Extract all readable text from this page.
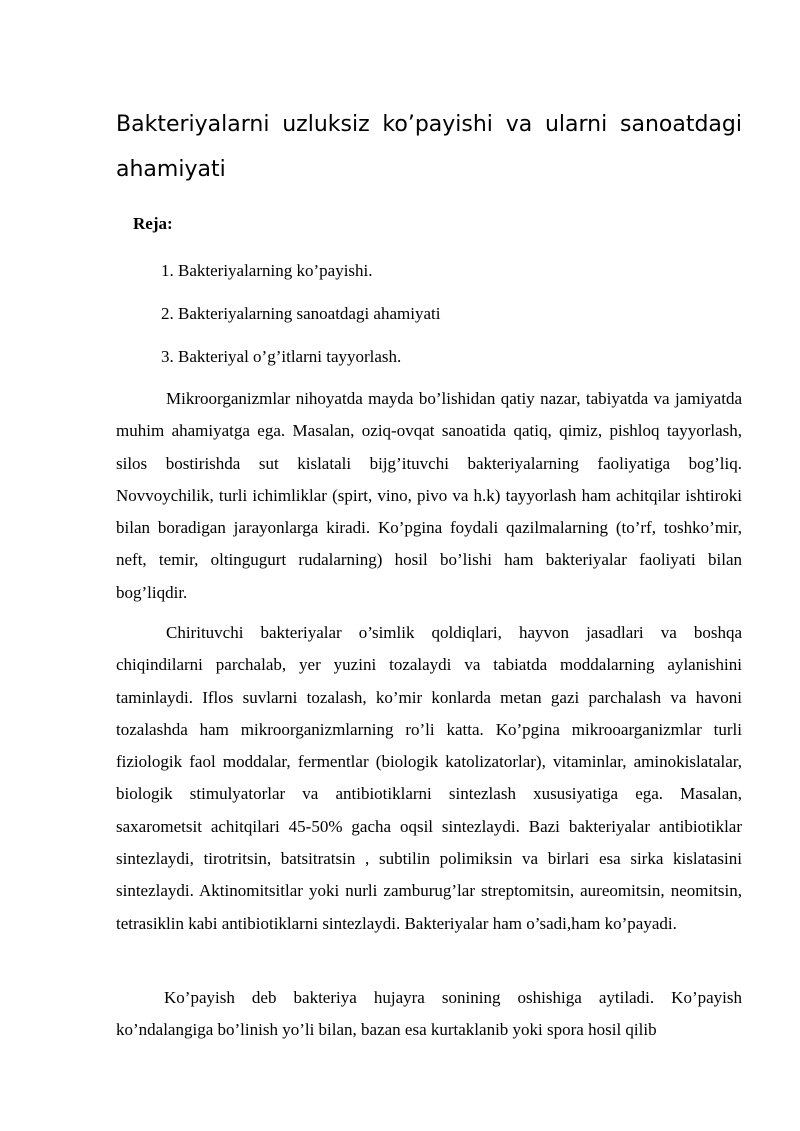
Bakteriyalarni uzluksiz ko’payishi va ularni sanoatdagi ahamiyati

Reja:

1. Bakteriyalarning ko’payishi.
2. Bakteriyalarning sanoatdagi ahamiyati
3. Bakteriyal o’g’itlarni tayyorlash.

Mikroorganizmlar nihoyatda mayda bo’lishidan qatiy nazar, tabiyatda va jamiyatda muhim ahamiyatga ega. Masalan, oziq-ovqat sanoatida qatiq, qimiz, pishloq tayyorlash, silos bostirishda sut kislatali bijg’ituvchi bakteriyalarning faoliyatiga bog’liq. Novvoychilik, turli ichimliklar (spirt, vino, pivo va h.k) tayyorlash ham achitqilar ishtiroki bilan boradigan jarayonlarga kiradi. Ko’pgina foydali qazilmalarning (to’rf, toshko’mir, neft, temir, oltingugurt rudalarning) hosil bo’lishi ham bakteriyalar faoliyati bilan bog’liqdir.

Chirituvchi bakteriyalar o’simlik qoldiqlari, hayvon jasadlari va boshqa chiqindilarni parchalab, yer yuzini tozalaydi va tabiatda moddalarning aylanishini taminlaydi. Iflos suvlarni tozalash, ko’mir konlarda metan gazi parchalash va havoni tozalashda ham mikroorganizmlarning ro’li katta. Ko’pgina mikrooarganizmlar turli fiziologik faol moddalar, fermentlar (biologik katolizatorlar), vitaminlar, aminokislatalar, biologik stimulyatorlar va antibiotiklarni sintezlash xususiyatiga ega. Masalan, saxarometsit achitqilari 45-50% gacha oqsil sintezlaydi. Bazi bakteriyalar antibiotiklar sintezlaydi, tirotritsin, batsitratsin , subtilin polimiksin va birlari esa sirka kislatasini sintezlaydi. Aktinomitsitlar yoki nurli zamburug’lar streptomitsin, aureomitsin, neomitsin, tetrasiklin kabi antibiotiklarni sintezlaydi. Bakteriyalar ham o’sadi,ham ko’payadi.

Ko’payish deb bakteriya hujayra sonining oshishiga aytiladi. Ko’payish ko’ndalangiga bo’linish yo’li bilan, bazan esa kurtaklanib yoki spora hosil qilib
